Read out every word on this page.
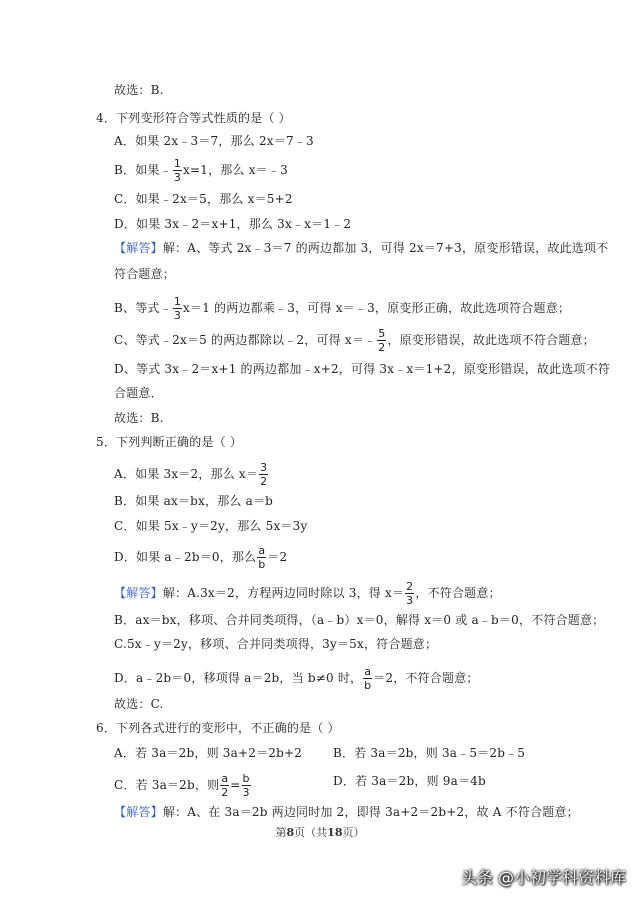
故选：B.
4．下列变形符合等式性质的是（ ）
A．如果 2x﹣3＝7，那么 2x＝7﹣3
B．如果﹣ $\frac{1}{3} x=1$，那么 x＝﹣3
C．如果﹣2x＝5，那么 x＝5+2
D．如果 3x﹣2＝x+1，那么 3x﹣x＝1﹣2
【解答】解：A、等式 2x﹣3＝7 的两边都加 3，可得 2x＝7+3，原变形错误，故此选项不
符合题意；
B、等式﹣ $\frac{1}{3} x=1$ 的两边都乘﹣3，可得 x＝﹣3，原变形正确，故此选项符合题意；
C、等式﹣2x＝5 的两边都除以﹣2，可得 x＝﹣ $\frac{5}{2}$ ，原变形错误，故此选项不符合题意；
D、等式 3x﹣2＝x+1 的两边都加﹣x+2，可得 3x﹣x＝1+2，原变形错误，故此选项不符
合题意．
故选：B.
5．下列判断正确的是（ ）
A．如果 3x＝2，那么 $x= \frac{3}{2}$
B．如果 ax＝bx，那么 a＝b
C．如果 5x﹣y＝2y，那么 5x＝3y
D．如果 a﹣2b＝0，那么 $\frac{a}{b} =2$
【解答】解：A.3x＝2，方程两边同时除以 3，得 $x= \frac{2}{3}$ ，不符合题意；
B．ax＝bx，移项、合并同类项得，（a﹣b）x＝0，解得 x＝0 或 a﹣b＝0，不符合题意；
C.5x﹣y＝2y，移项、合并同类项得，3y＝5x，符合题意；
D．a﹣2b＝0，移项得 a＝2b，当 b≠0 时， $\frac{a}{b} =2$，不符合题意；
故选：C.
6．下列各式进行的变形中，不正确的是（ ）
A．若 3a＝2b，则 3a+2＝2b+2	B．若 3a＝2b，则 3a﹣5＝2b﹣5
C．若 3a＝2b，则 $\frac{a}{2} = \frac{b}{3}$	D．若 3a＝2b，则 9a＝4b
【解答】解：A、在 3a＝2b 两边同时加 2，即得 3a+2＝2b+2，故 A 不符合题意；
第8页（共18页）
头条 @小初学科资料库
